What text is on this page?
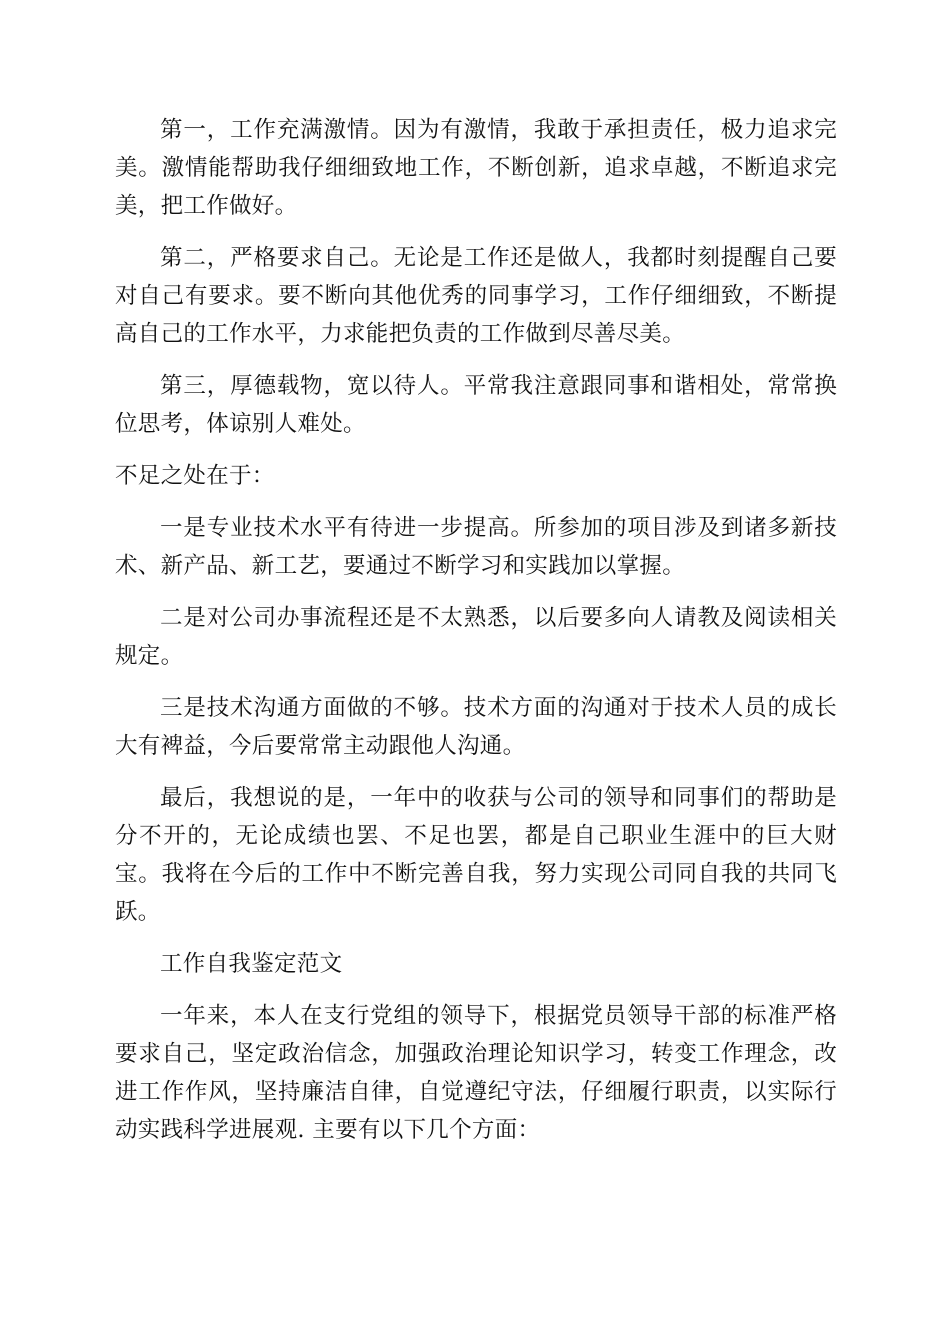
第一，工作充满激情。因为有激情，我敢于承担责任，极力追求完美。激情能帮助我仔细细致地工作，不断创新，追求卓越，不断追求完美，把工作做好。

第二，严格要求自己。无论是工作还是做人，我都时刻提醒自己要对自己有要求。要不断向其他优秀的同事学习，工作仔细细致，不断提高自己的工作水平，力求能把负责的工作做到尽善尽美。

第三，厚德载物，宽以待人。平常我注意跟同事和谐相处，常常换位思考，体谅别人难处。

不足之处在于：

一是专业技术水平有待进一步提高。所参加的项目涉及到诸多新技术、新产品、新工艺，要通过不断学习和实践加以掌握。

二是对公司办事流程还是不太熟悉，以后要多向人请教及阅读相关规定。

三是技术沟通方面做的不够。技术方面的沟通对于技术人员的成长大有裨益，今后要常常主动跟他人沟通。

最后，我想说的是，一年中的收获与公司的领导和同事们的帮助是分不开的，无论成绩也罢、不足也罢，都是自己职业生涯中的巨大财宝。我将在今后的工作中不断完善自我，努力实现公司同自我的共同飞跃。

工作自我鉴定范文

一年来，本人在支行党组的领导下，根据党员领导干部的标准严格要求自己，坚定政治信念，加强政治理论知识学习，转变工作理念，改进工作作风，坚持廉洁自律，自觉遵纪守法，仔细履行职责，以实际行动实践科学进展观. 主要有以下几个方面：
